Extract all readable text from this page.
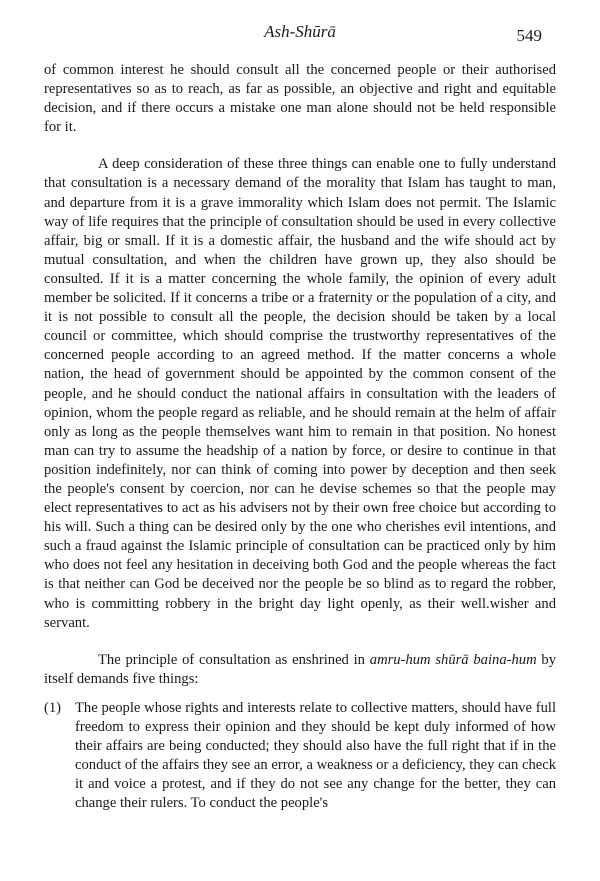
Ash-Shūrā	549

of common interest he should consult all the concerned people or their authorised representatives so as to reach, as far as possible, an objective and right and equitable decision, and if there occurs a mistake one man alone should not be held responsible for it.

A deep consideration of these three things can enable one to fully understand that consultation is a necessary demand of the morality that Islam has taught to man, and departure from it is a grave immorality which Islam does not permit. The Islamic way of life requires that the principle of consultation should be used in every collective affair, big or small. If it is a domestic affair, the husband and the wife should act by mutual consultation, and when the children have grown up, they also should be consulted. If it is a matter concerning the whole family, the opinion of every adult member be solicited. If it concerns a tribe or a fraternity or the population of a city, and it is not possible to consult all the people, the decision should be taken by a local council or committee, which should comprise the trustworthy representatives of the concerned people according to an agreed method. If the matter concerns a whole nation, the head of government should be appointed by the common consent of the people, and he should conduct the national affairs in consultation with the leaders of opinion, whom the people regard as reliable, and he should remain at the helm of affair only as long as the people themselves want him to remain in that position. No honest man can try to assume the headship of a nation by force, or desire to continue in that position indefinitely, nor can think of coming into power by deception and then seek the people's consent by coercion, nor can he devise schemes so that the people may elect representatives to act as his advisers not by their own free choice but according to his will. Such a thing can be desired only by the one who cherishes evil intentions, and such a fraud against the Islamic principle of consultation can be practiced only by him who does not feel any hesitation in deceiving both God and the people whereas the fact is that neither can God be deceived nor the people be so blind as to regard the robber, who is committing robbery in the bright day light openly, as their well.wisher and servant.

The principle of consultation as enshrined in amru-hum shūrā baina-hum by itself demands five things:

(1) The people whose rights and interests relate to collective matters, should have full freedom to express their opinion and they should be kept duly informed of how their affairs are being conducted; they should also have the full right that if in the conduct of the affairs they see an error, a weakness or a deficiency, they can check it and voice a protest, and if they do not see any change for the better, they can change their rulers. To conduct the people's
